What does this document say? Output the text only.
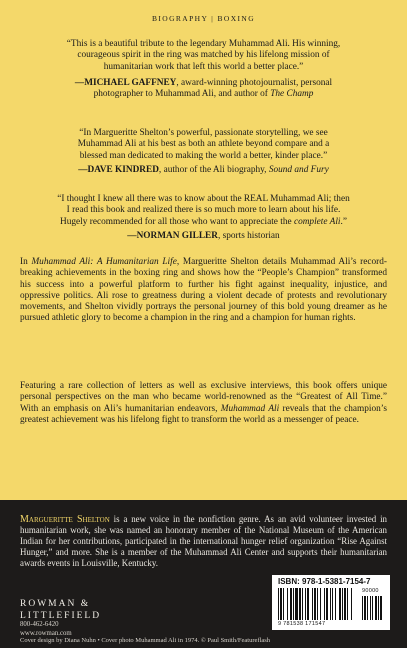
BIOGRAPHY | BOXING
“This is a beautiful tribute to the legendary Muhammad Ali. His winning,
courageous spirit in the ring was matched by his lifelong mission of
humanitarian work that left this world a better place.”
—MICHAEL GAFFNEY, award-winning photojournalist, personal
photographer to Muhammad Ali, and author of The Champ
“In Margueritte Shelton’s powerful, passionate storytelling, we see
Muhammad Ali at his best as both an athlete beyond compare and a
blessed man dedicated to making the world a better, kinder place.”
—DAVE KINDRED, author of the Ali biography, Sound and Fury
“I thought I knew all there was to know about the REAL Muhammad Ali; then
I read this book and realized there is so much more to learn about his life.
Hugely recommended for all those who want to appreciate the complete Ali.”
—NORMAN GILLER, sports historian
In Muhammad Ali: A Humanitarian Life, Margueritte Shelton details Muhammad Ali’s record-breaking achievements in the boxing ring and shows how the “People’s Champion” transformed his success into a powerful platform to further his fight against inequality, injustice, and oppressive politics. Ali rose to greatness during a violent decade of protests and revolutionary movements, and Shelton vividly portrays the personal journey of this bold young dreamer as he pursued athletic glory to become a champion in the ring and a champion for human rights.
Featuring a rare collection of letters as well as exclusive interviews, this book offers unique personal perspectives on the man who became world-renowned as the “Greatest of All Time.” With an emphasis on Ali’s humanitarian endeavors, Muhammad Ali reveals that the champion’s greatest achievement was his lifelong fight to transform the world as a messenger of peace.
Margueritte Shelton is a new voice in the nonfiction genre. As an avid volunteer invested in humanitarian work, she was named an honorary member of the National Museum of the American Indian for her contributions, participated in the international hunger relief organization “Rise Against Hunger,” and more. She is a member of the Muhammad Ali Center and supports their humanitarian awards events in Louisville, Kentucky.
ROWMAN &
LITTLEFIELD
800-462-6420
www.rowman.com
ISBN: 978-1-5381-7154-7
9 781538 171547
90000
Cover design by Diana Nuhn • Cover photo Muhammad Ali in 1974. © Paul Smith/Featureflash
